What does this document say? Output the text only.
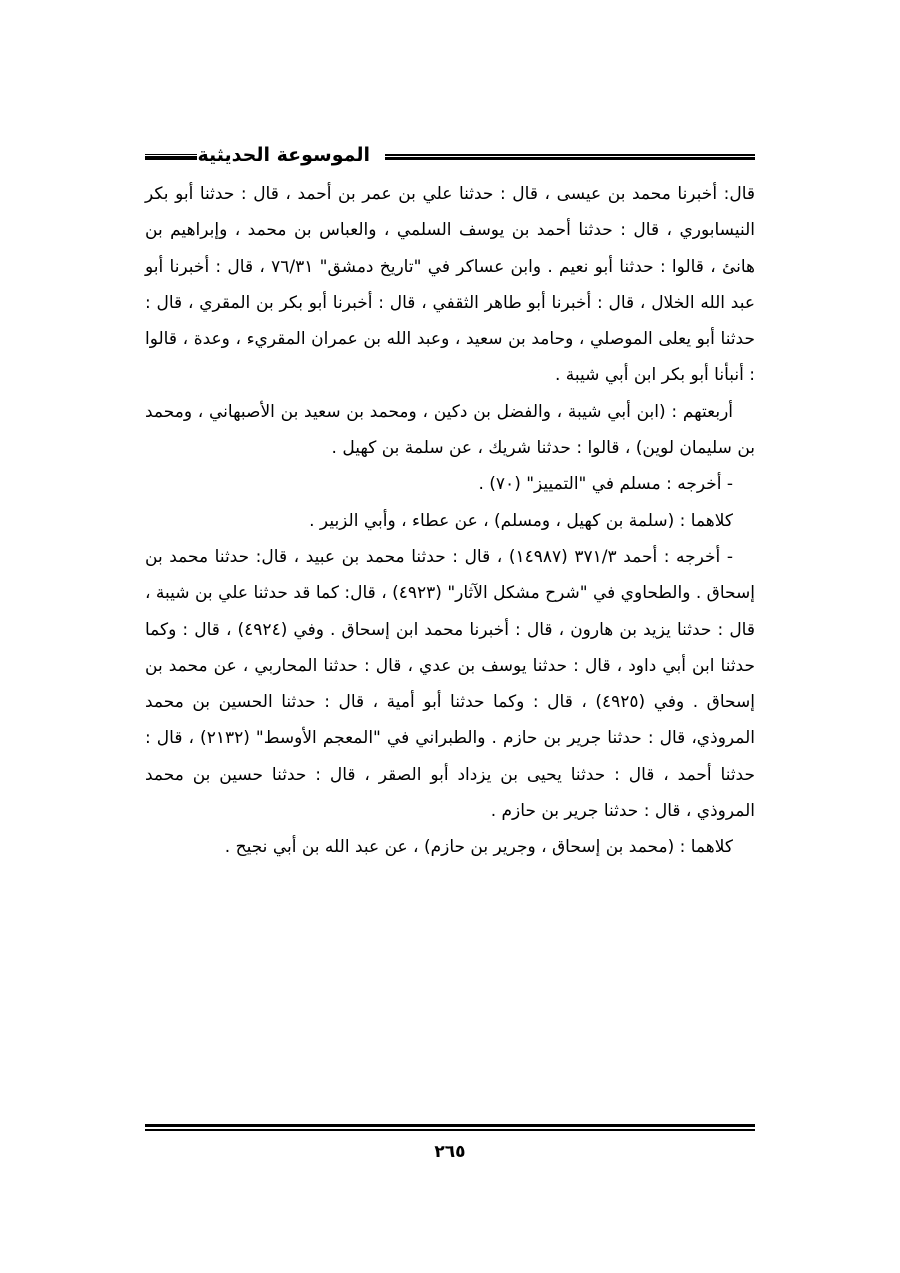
الموسوعة الحديثية

قال: أخبرنا محمد بن عيسى ، قال : حدثنا علي بن عمر بن أحمد ، قال : حدثنا أبو بكر النيسابوري ، قال : حدثنا أحمد بن يوسف السلمي ، والعباس بن محمد ، وإبراهيم بن هانئ ، قالوا : حدثنا أبو نعيم . وابن عساكر في "تاريخ دمشق" ٧٦/٣١ ، قال : أخبرنا أبو عبد الله الخلال ، قال : أخبرنا أبو طاهر الثقفي ، قال : أخبرنا أبو بكر بن المقري ، قال : حدثنا أبو يعلى الموصلي ، وحامد بن سعيد ، وعبد الله بن عمران المقريء ، وعدة ، قالوا : أنبأنا أبو بكر ابن أبي شيبة .

أربعتهم : (ابن أبي شيبة ، والفضل بن دكين ، ومحمد بن سعيد بن الأصبهاني ، ومحمد بن سليمان لوين) ، قالوا : حدثنا شريك ، عن سلمة بن كهيل .

- أخرجه : مسلم في "التمييز" (٧٠) .

كلاهما : (سلمة بن كهيل ، ومسلم) ، عن عطاء ، وأبي الزبير .

- أخرجه : أحمد ٣٧١/٣ (١٤٩٨٧) ، قال : حدثنا محمد بن عبيد ، قال: حدثنا محمد بن إسحاق . والطحاوي في "شرح مشكل الآثار" (٤٩٢٣) ، قال: كما قد حدثنا علي بن شيبة ، قال : حدثنا يزيد بن هارون ، قال : أخبرنا محمد ابن إسحاق . وفي (٤٩٢٤) ، قال : وكما حدثنا ابن أبي داود ، قال : حدثنا يوسف بن عدي ، قال : حدثنا المحاربي ، عن محمد بن إسحاق . وفي (٤٩٢٥) ، قال : وكما حدثنا أبو أمية ، قال : حدثنا الحسين بن محمد المروذي، قال : حدثنا جرير بن حازم . والطبراني في "المعجم الأوسط" (٢١٣٢) ، قال : حدثنا أحمد ، قال : حدثنا يحيى بن يزداد أبو الصقر ، قال : حدثنا حسين بن محمد المروذي ، قال : حدثنا جرير بن حازم .

كلاهما : (محمد بن إسحاق ، وجرير بن حازم) ، عن عبد الله بن أبي نجيح .

٢٦٥
